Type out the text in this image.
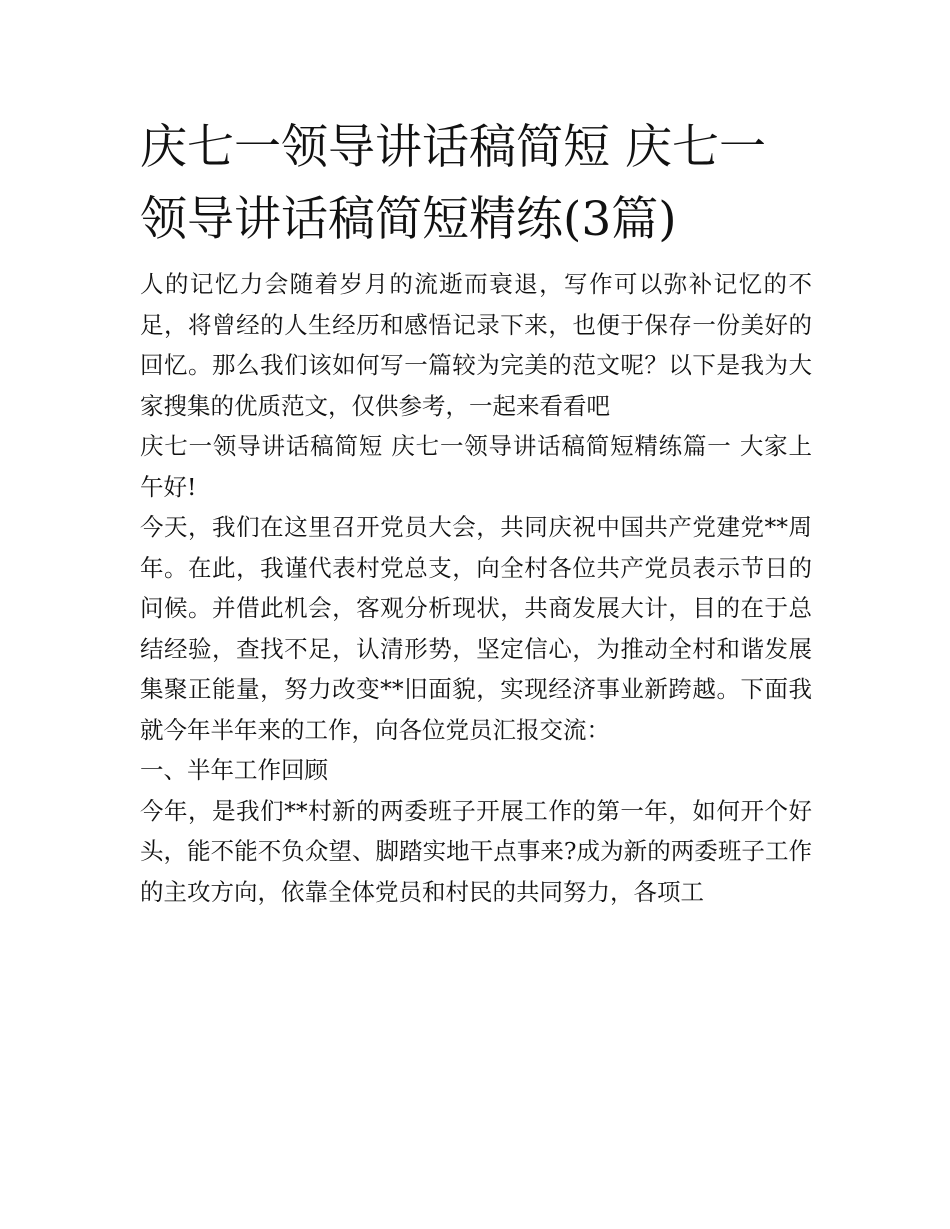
庆七一领导讲话稿简短 庆七一领导讲话稿简短精练(3篇)

人的记忆力会随着岁月的流逝而衰退，写作可以弥补记忆的不足，将曾经的人生经历和感悟记录下来，也便于保存一份美好的回忆。那么我们该如何写一篇较为完美的范文呢？以下是我为大家搜集的优质范文，仅供参考，一起来看看吧

庆七一领导讲话稿简短 庆七一领导讲话稿简短精练篇一 大家上午好!

今天，我们在这里召开党员大会，共同庆祝中国共产党建党**周年。在此，我谨代表村党总支，向全村各位共产党员表示节日的问候。并借此机会，客观分析现状，共商发展大计，目的在于总结经验，查找不足，认清形势，坚定信心，为推动全村和谐发展集聚正能量，努力改变**旧面貌，实现经济事业新跨越。下面我就今年半年来的工作，向各位党员汇报交流：

一、半年工作回顾

今年，是我们**村新的两委班子开展工作的第一年，如何开个好头，能不能不负众望、脚踏实地干点事来?成为新的两委班子工作的主攻方向，依靠全体党员和村民的共同努力，各项工
